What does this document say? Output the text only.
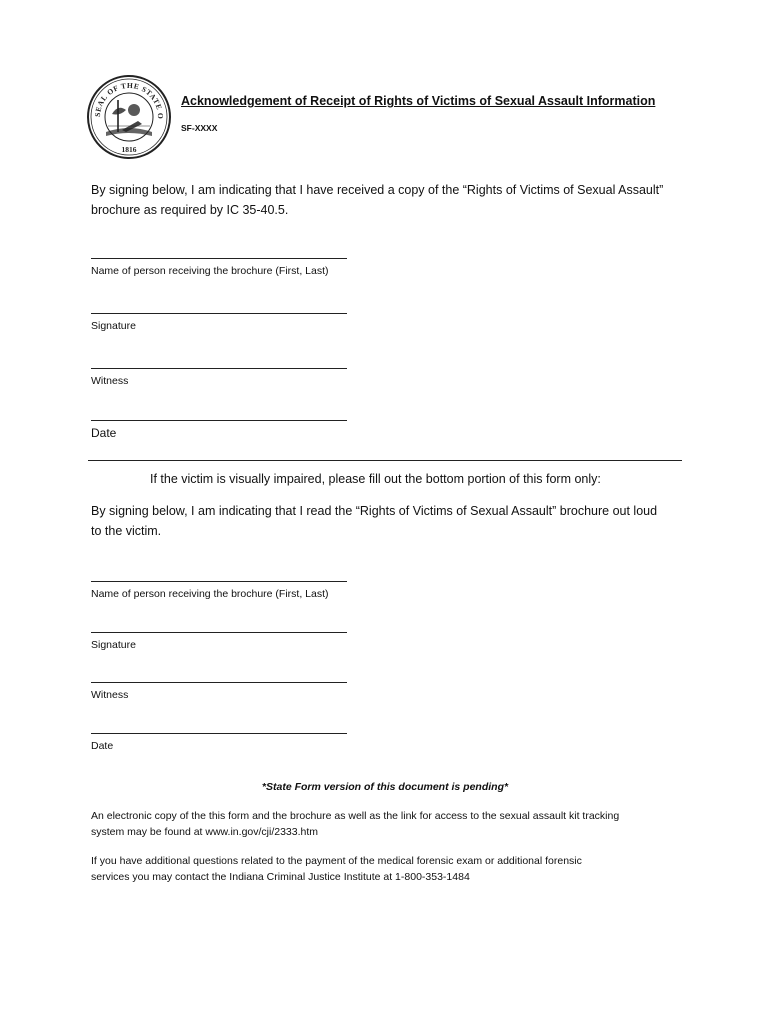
SEAL OF THE STATE O
1816
Acknowledgement of Receipt of Rights of Victims of Sexual Assault Information
SF-XXXX
By signing below, I am indicating that I have received a copy of the “Rights of Victims of Sexual Assault”
brochure as required by IC 35-40.5.
Name of person receiving the brochure (First, Last)
Signature
Witness
Date
If the victim is visually impaired, please fill out the bottom portion of this form only:
By signing below, I am indicating that I read the “Rights of Victims of Sexual Assault” brochure out loud
to the victim.
Name of person receiving the brochure (First, Last)
Signature
Witness
Date
*State Form version of this document is pending*
An electronic copy of the this form and the brochure as well as the link for access to the sexual assault kit tracking
system may be found at www.in.gov/cji/2333.htm
If you have additional questions related to the payment of the medical forensic exam or additional forensic
services you may contact the Indiana Criminal Justice Institute at 1-800-353-1484
